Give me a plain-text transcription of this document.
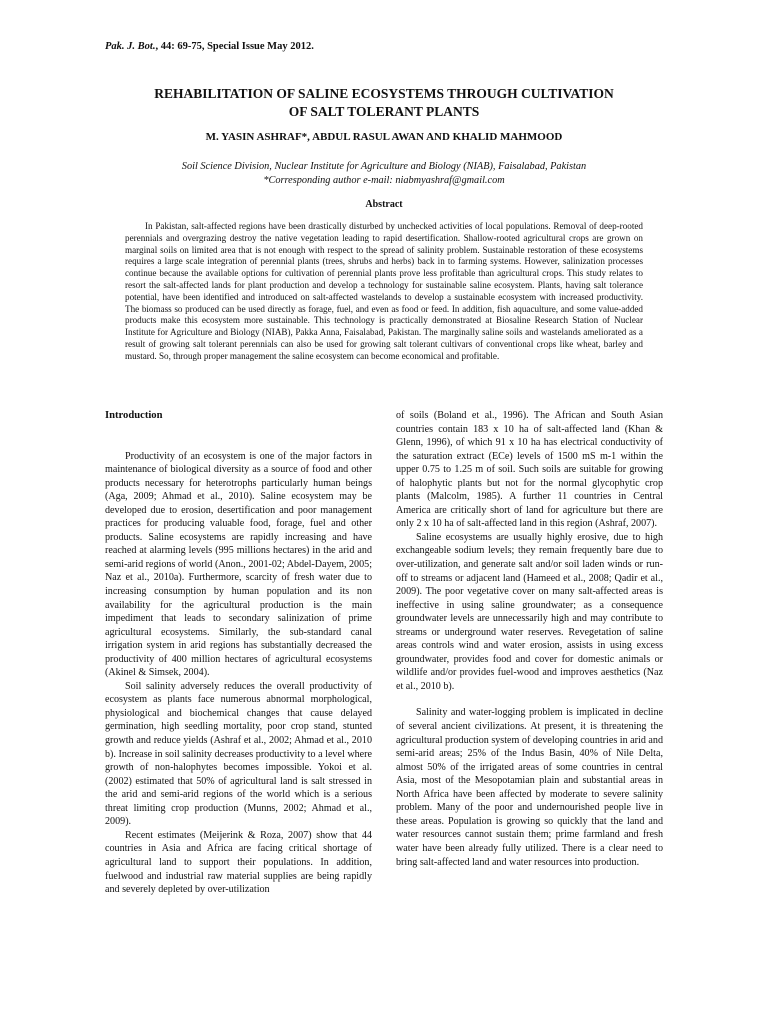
Pak. J. Bot., 44: 69-75, Special Issue May 2012.
REHABILITATION OF SALINE ECOSYSTEMS THROUGH CULTIVATION
OF SALT TOLERANT PLANTS
M. YASIN ASHRAF*, ABDUL RASUL AWAN AND KHALID MAHMOOD
Soil Science Division, Nuclear Institute for Agriculture and Biology (NIAB), Faisalabad, Pakistan
*Corresponding author e-mail: niabmyashraf@gmail.com
Abstract

In Pakistan, salt-affected regions have been drastically disturbed by unchecked activities of local populations. Removal of deep-rooted perennials and overgrazing destroy the native vegetation leading to rapid desertification. Shallow-rooted agricultural crops are grown on marginal soils on limited area that is not enough with respect to the spread of salinity problem. Sustainable restoration of these ecosystems requires a large scale integration of perennial plants (trees, shrubs and herbs) back in to farming systems. However, salinization processes continue because the available options for cultivation of perennial plants prove less profitable than agricultural crops. This study relates to resort the salt-affected lands for plant production and develop a technology for sustainable saline ecosystem. Plants, having salt tolerance potential, have been identified and introduced on salt-affected wastelands to develop a sustainable ecosystem with increased productivity. The biomass so produced can be used directly as forage, fuel, and even as food or feed. In addition, fish aquaculture, and some value-added products make this ecosystem more sustainable. This technology is practically demonstrated at Biosaline Research Station of Nuclear Institute for Agriculture and Biology (NIAB), Pakka Anna, Faisalabad, Pakistan. The marginally saline soils and wastelands ameliorated as a result of growing salt tolerant perennials can also be used for growing salt tolerant cultivars of conventional crops like wheat, barley and mustard. So, through proper management the saline ecosystem can become economical and profitable.

Introduction

Productivity of an ecosystem is one of the major factors in maintenance of biological diversity as a source of food and other products necessary for heterotrophs particularly human beings (Aga, 2009; Ahmad et al., 2010). Saline ecosystem may be developed due to erosion, desertification and poor management practices for producing valuable food, forage, fuel and other products. Saline ecosystems are rapidly increasing and have reached at alarming levels (995 millions hectares) in the arid and semi-arid regions of world (Anon., 2001-02; Abdel-Dayem, 2005; Naz et al., 2010a). Furthermore, scarcity of fresh water due to increasing consumption by human population and its non availability for the agricultural production is the main impediment that leads to secondary salinization of prime agricultural ecosystems. Similarly, the sub-standard canal irrigation system in arid regions has substantially decreased the productivity of 400 million hectares of agricultural ecosystems (Akinel & Simsek, 2004).

Soil salinity adversely reduces the overall productivity of ecosystem as plants face numerous abnormal morphological, physiological and biochemical changes that cause delayed germination, high seedling mortality, poor crop stand, stunted growth and reduce yields (Ashraf et al., 2002; Ahmad et al., 2010 b). Increase in soil salinity decreases productivity to a level where growth of non-halophytes becomes impossible. Yokoi et al. (2002) estimated that 50% of agricultural land is salt stressed in the arid and semi-arid regions of the world which is a serious threat limiting crop production (Munns, 2002; Ahmad et al., 2009).

Recent estimates (Meijerink & Roza, 2007) show that 44 countries in Asia and Africa are facing critical shortage of agricultural land to support their populations. In addition, fuelwood and industrial raw material supplies are being rapidly and severely depleted by over-utilization

of soils (Boland et al., 1996). The African and South Asian countries contain 183 x 10 ha of salt-affected land (Khan & Glenn, 1996), of which 91 x 10 ha has electrical conductivity of the saturation extract (ECe) levels of 1500 mS m-1 within the upper 0.75 to 1.25 m of soil. Such soils are suitable for growing of halophytic plants but not for the normal glycophytic crop plants (Malcolm, 1985). A further 11 countries in Central America are critically short of land for agriculture but there are only 2 x 10 ha of salt-affected land in this region (Ashraf, 2007).

Saline ecosystems are usually highly erosive, due to high exchangeable sodium levels; they remain frequently bare due to over-utilization, and generate salt and/or soil laden winds or run-off to streams or adjacent land (Hameed et al., 2008; Qadir et al., 2009). The poor vegetative cover on many salt-affected areas is ineffective in using saline groundwater; as a consequence groundwater levels are unnecessarily high and may contribute to streams or underground water reserves. Revegetation of saline areas controls wind and water erosion, assists in using excess groundwater, provides food and cover for domestic animals or wildlife and/or provides fuel-wood and improves aesthetics (Naz et al., 2010 b).

Salinity and water-logging problem is implicated in decline of several ancient civilizations. At present, it is threatening the agricultural production system of developing countries in arid and semi-arid areas; 25% of the Indus Basin, 40% of Nile Delta, almost 50% of the irrigated areas of some countries in central Asia, most of the Mesopotamian plain and substantial areas in North Africa have been affected by moderate to severe salinity problem. Many of the poor and undernourished people live in these areas. Population is growing so quickly that the land and water resources cannot sustain them; prime farmland and fresh water have been already fully utilized. There is a clear need to bring salt-affected land and water resources into production.
